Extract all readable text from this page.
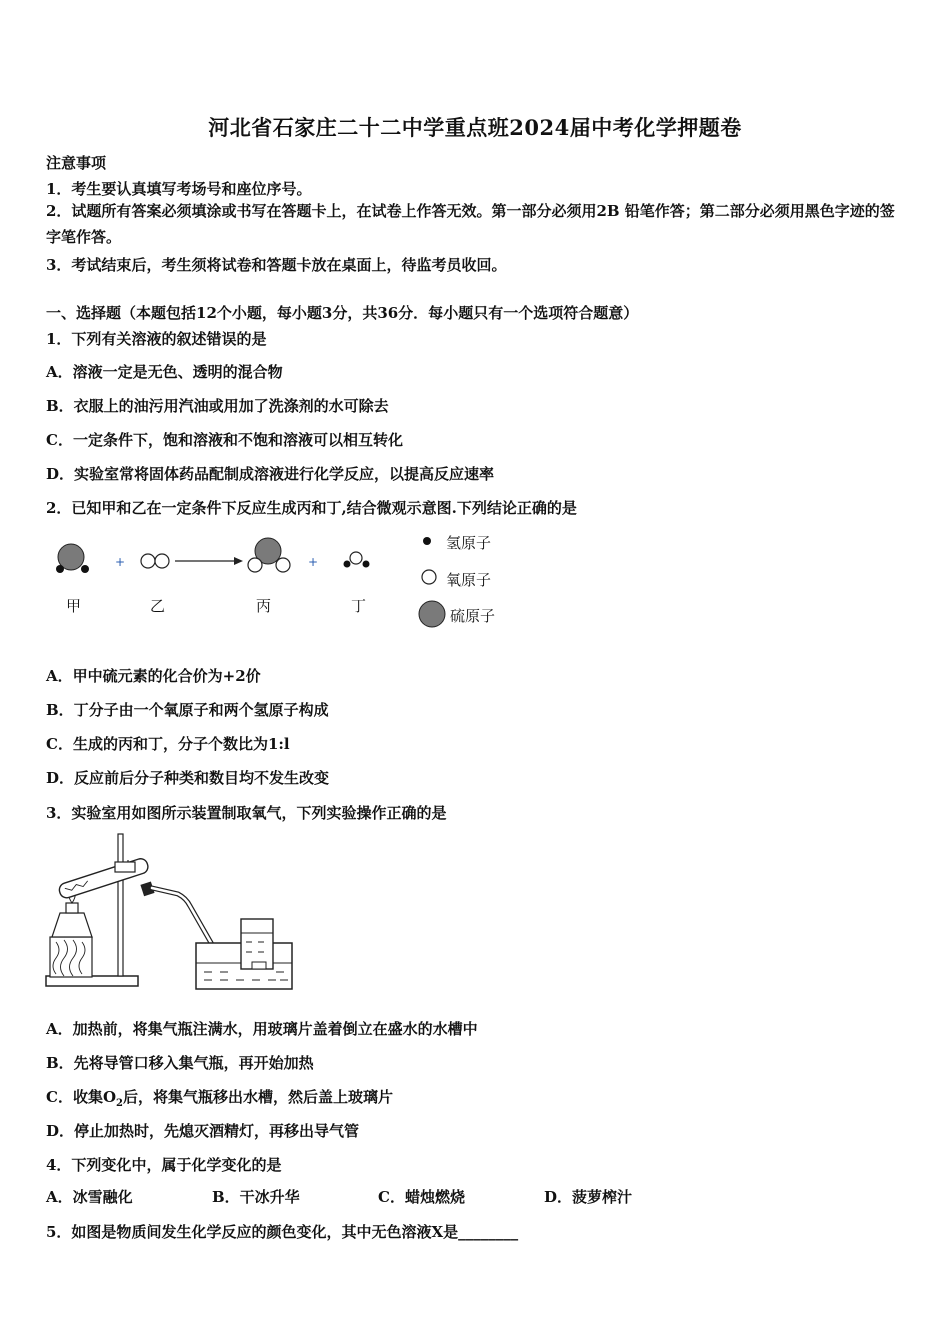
河北省石家庄二十二中学重点班2024届中考化学押题卷
注意事项
1．考生要认真填写考场号和座位序号。
2．试题所有答案必须填涂或书写在答题卡上，在试卷上作答无效。第一部分必须用2B 铅笔作答；第二部分必须用黑色字迹的签字笔作答。
3．考试结束后，考生须将试卷和答题卡放在桌面上，待监考员收回。
一、选择题（本题包括12个小题，每小题3分，共36分．每小题只有一个选项符合题意）
1．下列有关溶液的叙述错误的是
A．溶液一定是无色、透明的混合物
B．衣服上的油污用汽油或用加了洗涤剂的水可除去
C．一定条件下，饱和溶液和不饱和溶液可以相互转化
D．实验室常将固体药品配制成溶液进行化学反应，以提高反应速率
2．已知甲和乙在一定条件下反应生成丙和丁,结合微观示意图.下列结论正确的是
+	+
甲	乙	丙	丁
氢原子
氧原子
硫原子
A．甲中硫元素的化合价为+2价
B．丁分子由一个氧原子和两个氢原子构成
C．生成的丙和丁，分子个数比为1:l
D．反应前后分子种类和数目均不发生改变
3．实验室用如图所示装置制取氧气，下列实验操作正确的是
A．加热前，将集气瓶注满水，用玻璃片盖着倒立在盛水的水槽中
B．先将导管口移入集气瓶，再开始加热
C．收集$O_2$后，将集气瓶移出水槽，然后盖上玻璃片
D．停止加热时，先熄灭酒精灯，再移出导气管
4．下列变化中，属于化学变化的是
A．冰雪融化	B．干冰升华	C．蜡烛燃烧	D．菠萝榨汁
5．如图是物质间发生化学反应的颜色变化，其中无色溶液X是________
